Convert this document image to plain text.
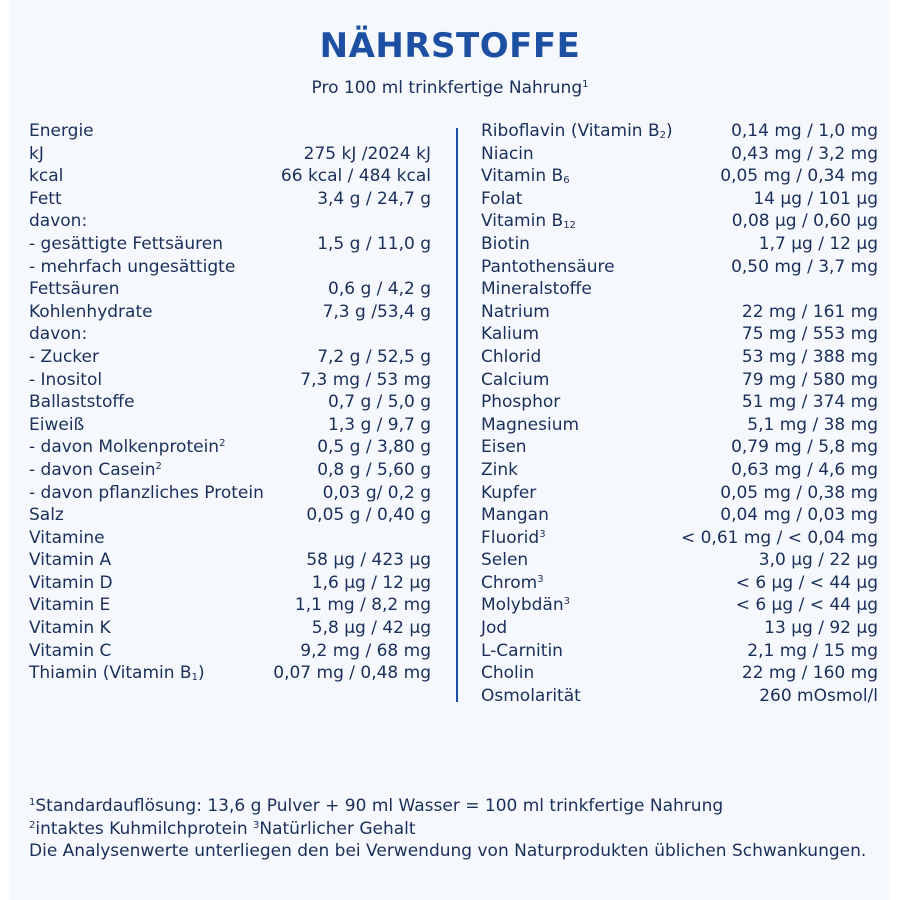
NÄHRSTOFFE
Pro 100 ml trinkfertige Nahrung$^1$
Energie
kJ	275 kJ /2024 kJ
kcal	66 kcal / 484 kcal
Fett	3,4 g / 24,7 g
davon:
- gesättigte Fettsäuren	1,5 g / 11,0 g
- mehrfach ungesättigte
Fettsäuren	0,6 g / 4,2 g
Kohlenhydrate	7,3 g /53,4 g
davon:
- Zucker	7,2 g / 52,5 g
- Inositol	7,3 mg / 53 mg
Ballaststoffe	0,7 g / 5,0 g
Eiweiß	1,3 g / 9,7 g
- davon Molkenprotein$^2$	0,5 g / 3,80 g
- davon Casein$^2$	0,8 g / 5,60 g
- davon pflanzliches Protein	0,03 g/ 0,2 g
Salz	0,05 g / 0,40 g
Vitamine
Vitamin A	58 µg / 423 µg
Vitamin D	1,6 µg / 12 µg
Vitamin E	1,1 mg / 8,2 mg
Vitamin K	5,8 µg / 42 µg
Vitamin C	9,2 mg / 68 mg
Thiamin (Vitamin $B_1$)	0,07 mg / 0,48 mg
Riboflavin (Vitamin $B_2$)	0,14 mg / 1,0 mg
Niacin	0,43 mg / 3,2 mg
Vitamin $B_6$	0,05 mg / 0,34 mg
Folat	14 µg / 101 µg
Vitamin $B_{12}$	0,08 µg / 0,60 µg
Biotin	1,7 µg / 12 µg
Pantothensäure	0,50 mg / 3,7 mg
Mineralstoffe
Natrium	22 mg / 161 mg
Kalium	75 mg / 553 mg
Chlorid	53 mg / 388 mg
Calcium	79 mg / 580 mg
Phosphor	51 mg / 374 mg
Magnesium	5,1 mg / 38 mg
Eisen	0,79 mg / 5,8 mg
Zink	0,63 mg / 4,6 mg
Kupfer	0,05 mg / 0,38 mg
Mangan	0,04 mg / 0,03 mg
Fluorid$^3$	< 0,61 mg / < 0,04 mg
Selen	3,0 µg / 22 µg
Chrom$^3$	< 6 µg / < 44 µg
Molybdän$^3$	< 6 µg / < 44 µg
Jod	13 µg / 92 µg
L-Carnitin	2,1 mg / 15 mg
Cholin	22 mg / 160 mg
Osmolarität	260 mOsmol/l
$^1$Standardauflösung: 13,6 g Pulver + 90 ml Wasser = 100 ml trinkfertige Nahrung
$^2$intaktes Kuhmilchprotein $^3$Natürlicher Gehalt
Die Analysenwerte unterliegen den bei Verwendung von Naturprodukten üblichen Schwankungen.
